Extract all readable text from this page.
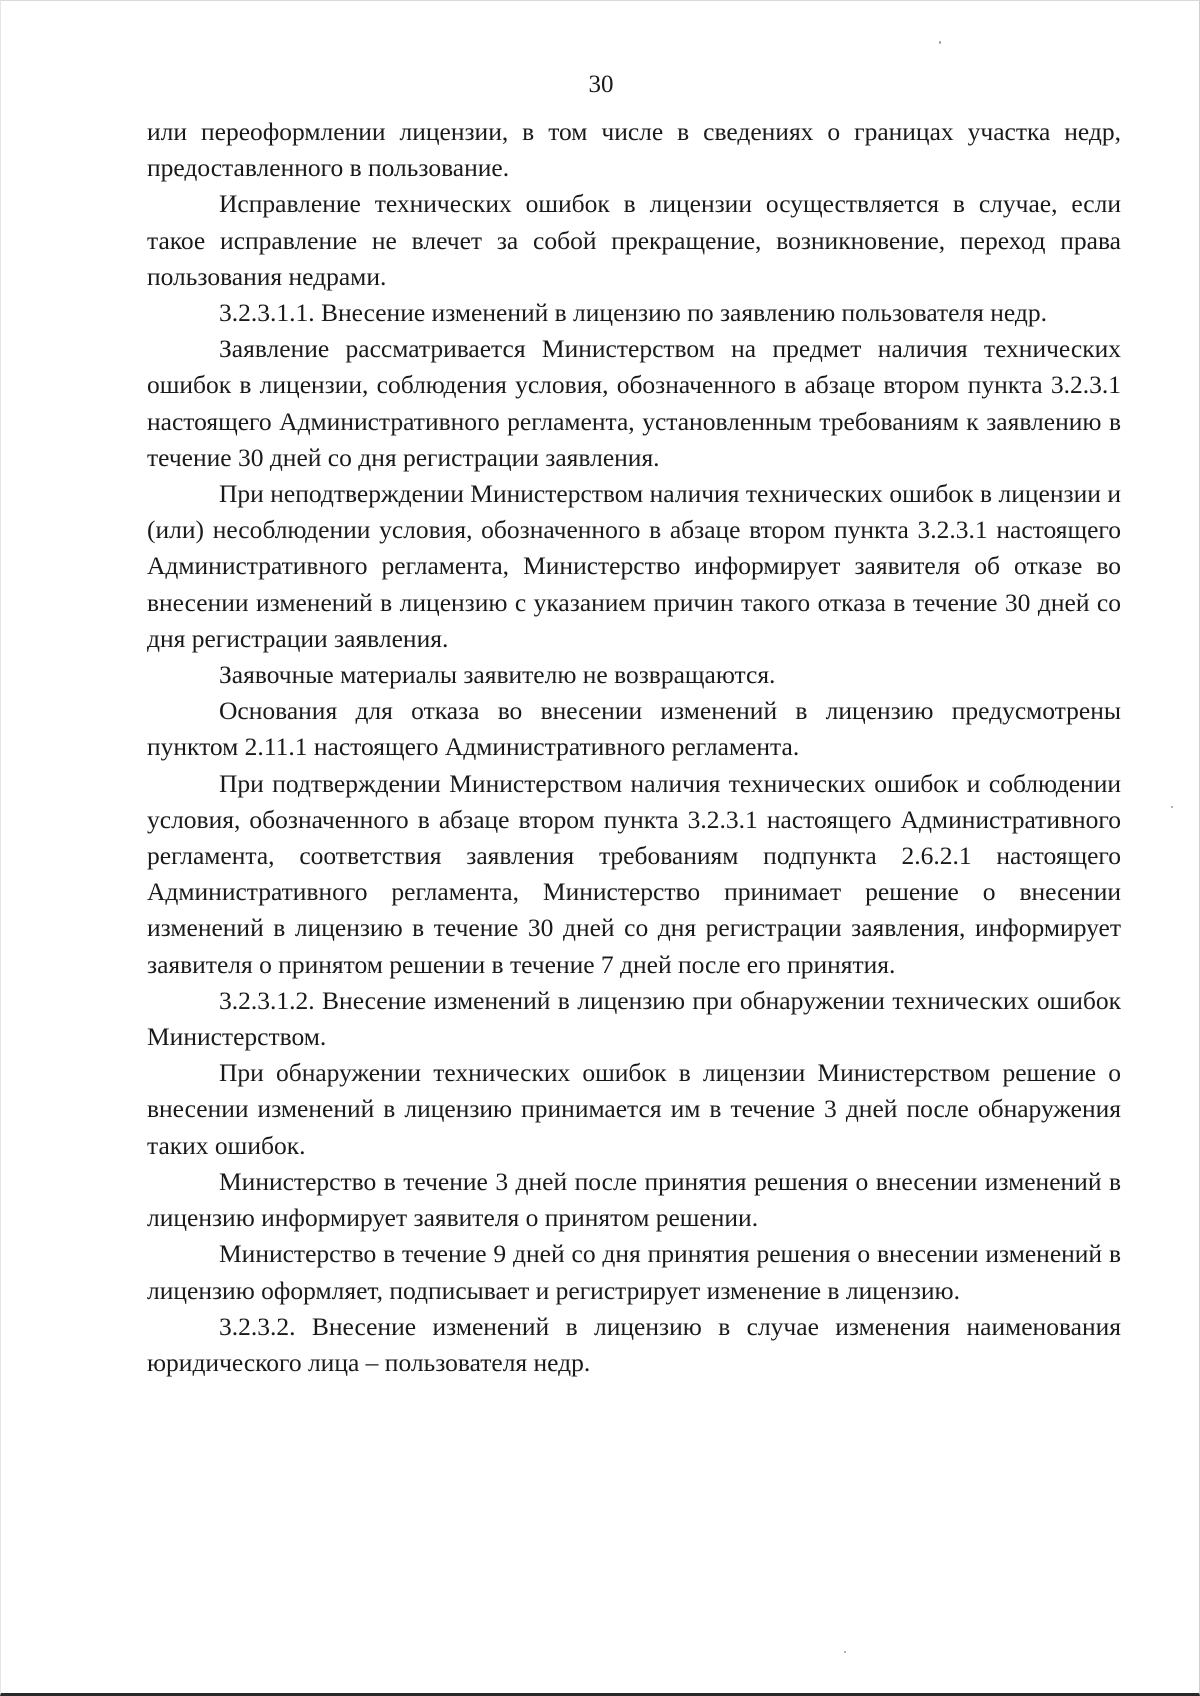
30

или переоформлении лицензии, в том числе в сведениях о границах участка недр, предоставленного в пользование.

Исправление технических ошибок в лицензии осуществляется в случае, если такое исправление не влечет за собой прекращение, возникновение, переход права пользования недрами.

3.2.3.1.1. Внесение изменений в лицензию по заявлению пользователя недр.

Заявление рассматривается Министерством на предмет наличия технических ошибок в лицензии, соблюдения условия, обозначенного в абзаце втором пункта 3.2.3.1 настоящего Административного регламента, установленным требованиям к заявлению в течение 30 дней со дня регистрации заявления.

При неподтверждении Министерством наличия технических ошибок в лицензии и (или) несоблюдении условия, обозначенного в абзаце втором пункта 3.2.3.1 настоящего Административного регламента, Министерство информирует заявителя об отказе во внесении изменений в лицензию с указанием причин такого отказа в течение 30 дней со дня регистрации заявления.

Заявочные материалы заявителю не возвращаются.

Основания для отказа во внесении изменений в лицензию предусмотрены пунктом 2.11.1 настоящего Административного регламента.

При подтверждении Министерством наличия технических ошибок и соблюдении условия, обозначенного в абзаце втором пункта 3.2.3.1 настоящего Административного регламента, соответствия заявления требованиям подпункта 2.6.2.1 настоящего Административного регламента, Министерство принимает решение о внесении изменений в лицензию в течение 30 дней со дня регистрации заявления, информирует заявителя о принятом решении в течение 7 дней после его принятия.

3.2.3.1.2. Внесение изменений в лицензию при обнаружении технических ошибок Министерством.

При обнаружении технических ошибок в лицензии Министерством решение о внесении изменений в лицензию принимается им в течение 3 дней после обнаружения таких ошибок.

Министерство в течение 3 дней после принятия решения о внесении изменений в лицензию информирует заявителя о принятом решении.

Министерство в течение 9 дней со дня принятия решения о внесении изменений в лицензию оформляет, подписывает и регистрирует изменение в лицензию.

3.2.3.2. Внесение изменений в лицензию в случае изменения наименования юридического лица – пользователя недр.
